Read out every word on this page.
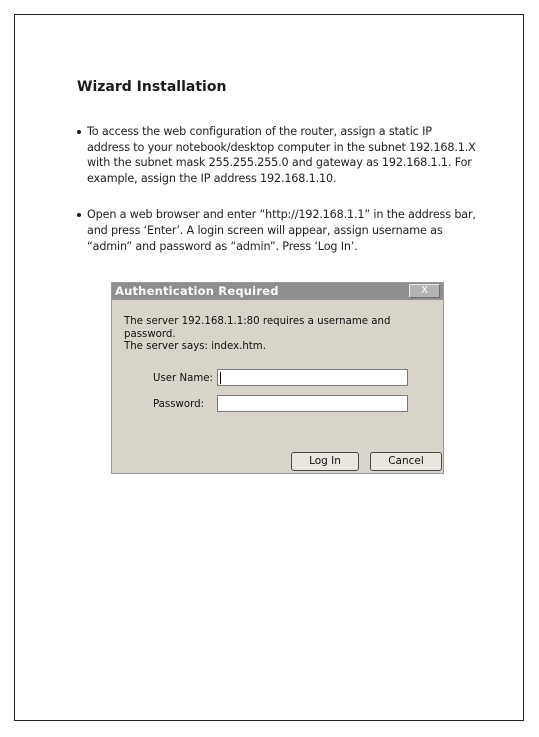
Wizard Installation
To access the web configuration of the router, assign a static IP address to your notebook/desktop computer in the subnet 192.168.1.X with the subnet mask 255.255.255.0 and gateway as 192.168.1.1. For example, assign the IP address 192.168.1.10.
Open a web browser and enter “http://192.168.1.1” in the address bar, and press ‘Enter’. A login screen will appear, assign username as “admin” and password as “admin”. Press ‘Log In’.
Authentication Required	X
The server 192.168.1.1:80 requires a username and password.
The server says: index.htm.
User Name:
Password:
Log In	Cancel
